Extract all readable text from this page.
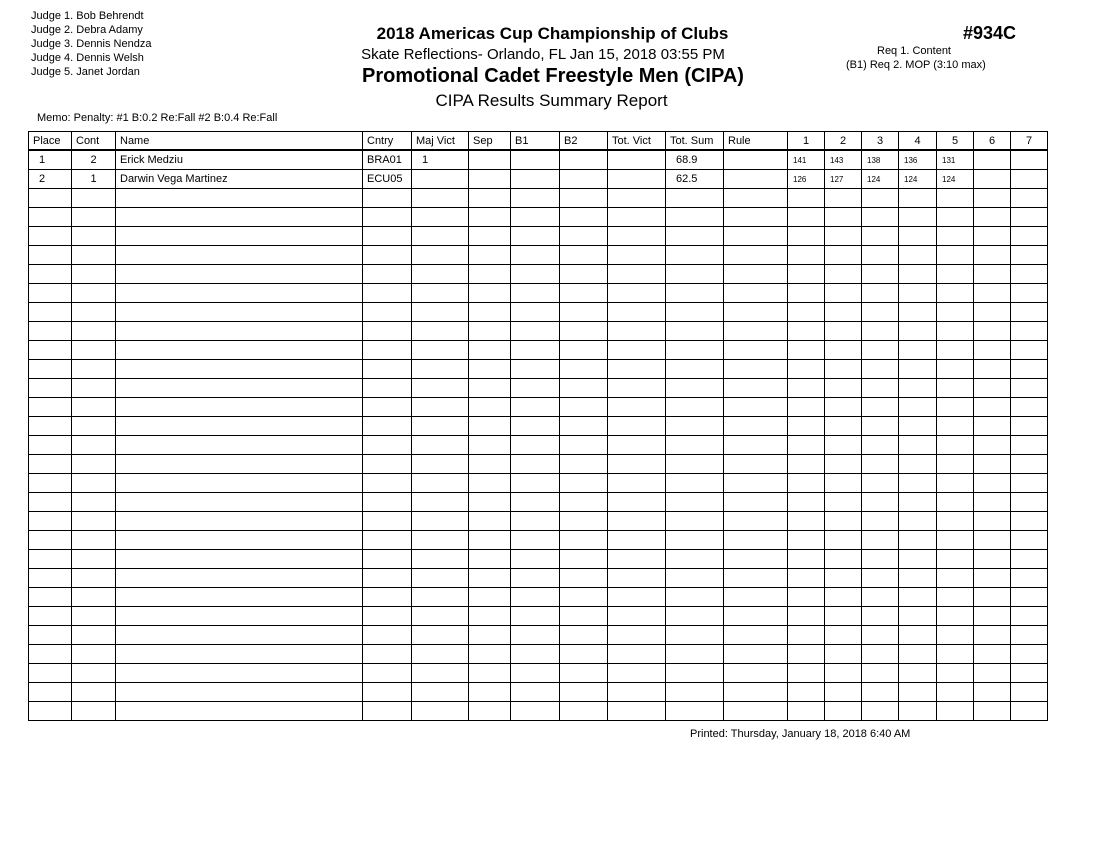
Judge 1. Bob Behrendt
Judge 2. Debra Adamy
Judge 3. Dennis Nendza
Judge 4. Dennis Welsh
Judge 5. Janet Jordan
2018 Americas Cup Championship of Clubs
Skate Reflections- Orlando, FL Jan 15, 2018 03:55 PM
Promotional Cadet Freestyle Men (CIPA)
CIPA Results Summary Report
#934C
Req 1. Content
(B1) Req 2. MOP (3:10 max)
Memo: Penalty: #1 B:0.2 Re:Fall #2 B:0.4 Re:Fall
Place	Cont	Name	Cntry	Maj Vict	Sep	B1	B2	Tot. Vict	Tot. Sum	Rule	1	2	3	4	5	6	7
1	2	Erick Medziu	BRA01	1					68.9		141	143	138	136	131		
2	1	Darwin Vega Martinez	ECU05						62.5		126	127	124	124	124		

Printed: Thursday, January 18, 2018 6:40 AM
